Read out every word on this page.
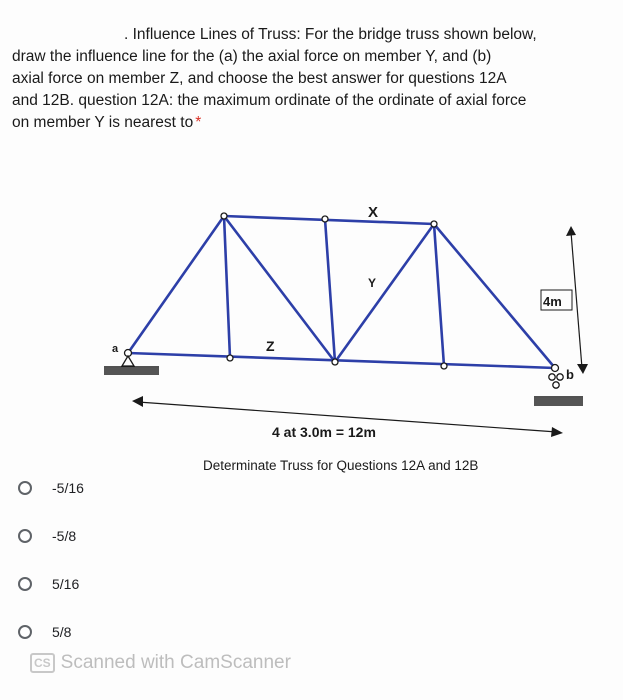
. Influence Lines of Truss: For the bridge truss shown below,
draw the influence line for the (a) the axial force on member Y, and (b)
axial force on member Z, and choose the best answer for questions 12A
and 12B. question 12A: the maximum ordinate of the ordinate of axial force
on member Y is nearest to *
X
Y
Z
a
b
4m
4 at 3.0m = 12m
Determinate Truss for Questions 12A and 12B
-5/16
-5/8
5/16
5/8
CS Scanned with CamScanner
